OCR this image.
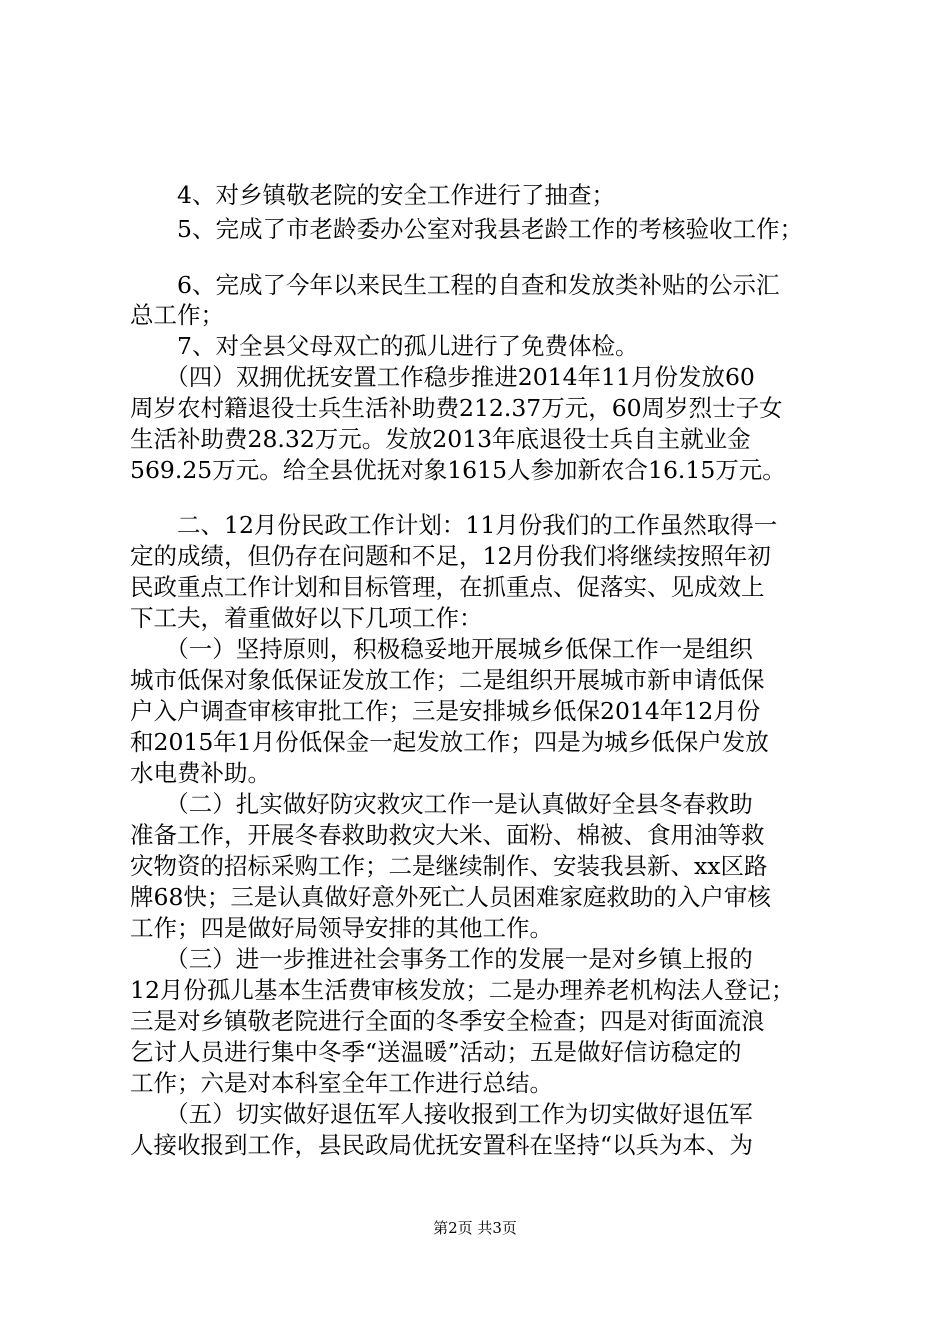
　　4、对乡镇敬老院的安全工作进行了抽查；
　　5、完成了市老龄委办公室对我县老龄工作的考核验收工作；
　　6、完成了今年以来民生工程的自查和发放类补贴的公示汇
总工作；
　　7、对全县父母双亡的孤儿进行了免费体检。
　　（四）双拥优抚安置工作稳步推进2014年11月份发放60
周岁农村籍退役士兵生活补助费212.37万元，60周岁烈士子女
生活补助费28.32万元。发放2013年底退役士兵自主就业金
569.25万元。给全县优抚对象1615人参加新农合16.15万元。
　　二、12月份民政工作计划：11月份我们的工作虽然取得一
定的成绩，但仍存在问题和不足，12月份我们将继续按照年初
民政重点工作计划和目标管理，在抓重点、促落实、见成效上
下工夫，着重做好以下几项工作：
　　（一）坚持原则，积极稳妥地开展城乡低保工作一是组织
城市低保对象低保证发放工作；二是组织开展城市新申请低保
户入户调查审核审批工作；三是安排城乡低保2014年12月份
和2015年1月份低保金一起发放工作；四是为城乡低保户发放
水电费补助。
　　（二）扎实做好防灾救灾工作一是认真做好全县冬春救助
准备工作，开展冬春救助救灾大米、面粉、棉被、食用油等救
灾物资的招标采购工作；二是继续制作、安装我县新、xx区路
牌68快；三是认真做好意外死亡人员困难家庭救助的入户审核
工作；四是做好局领导安排的其他工作。
　　（三）进一步推进社会事务工作的发展一是对乡镇上报的
12月份孤儿基本生活费审核发放；二是办理养老机构法人登记；
三是对乡镇敬老院进行全面的冬季安全检查；四是对街面流浪
乞讨人员进行集中冬季“送温暖”活动；五是做好信访稳定的
工作；六是对本科室全年工作进行总结。
　　（五）切实做好退伍军人接收报到工作为切实做好退伍军
人接收报到工作，县民政局优抚安置科在坚持“以兵为本、为
第2页 共3页
